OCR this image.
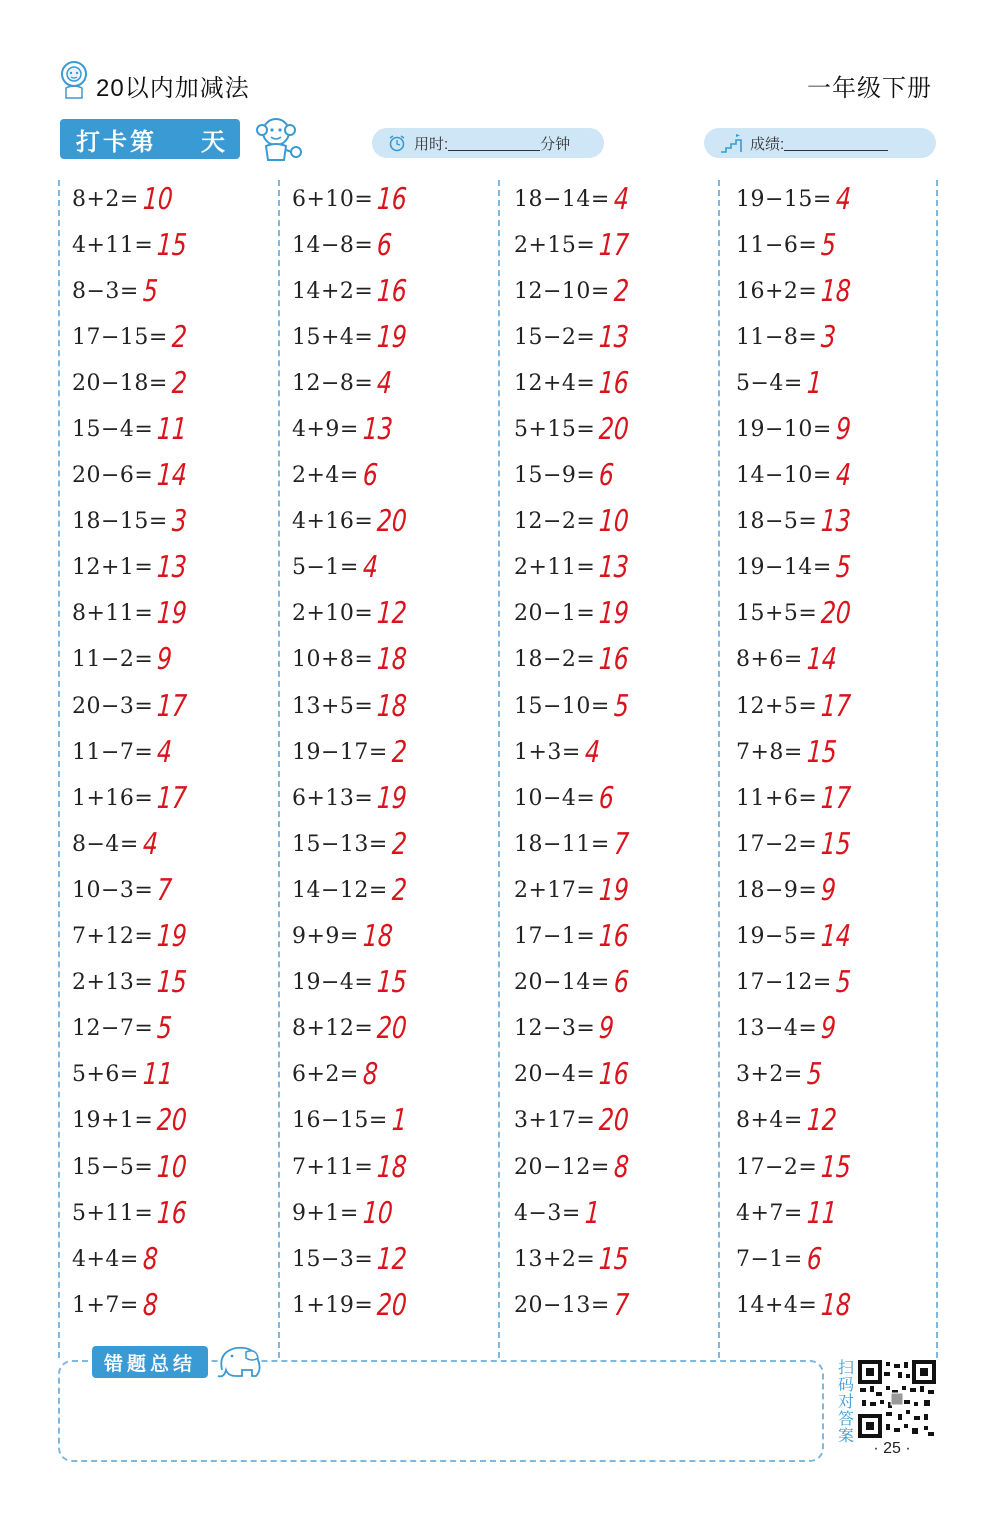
20以内加减法	一年级下册
打卡第 天	用时:	分钟	成绩:
8+2= 10
4+11= 15
8−3= 5
17−15= 2
20−18= 2
15−4= 11
20−6= 14
18−15= 3
12+1= 13
8+11= 19
11−2= 9
20−3= 17
11−7= 4
1+16= 17
8−4= 4
10−3= 7
7+12= 19
2+13= 15
12−7= 5
5+6= 11
19+1= 20
15−5= 10
5+11= 16
4+4= 8
1+7= 8
6+10= 16
14−8= 6
14+2= 16
15+4= 19
12−8= 4
4+9= 13
2+4= 6
4+16= 20
5−1= 4
2+10= 12
10+8= 18
13+5= 18
19−17= 2
6+13= 19
15−13= 2
14−12= 2
9+9= 18
19−4= 15
8+12= 20
6+2= 8
16−15= 1
7+11= 18
9+1= 10
15−3= 12
1+19= 20
18−14= 4
2+15= 17
12−10= 2
15−2= 13
12+4= 16
5+15= 20
15−9= 6
12−2= 10
2+11= 13
20−1= 19
18−2= 16
15−10= 5
1+3= 4
10−4= 6
18−11= 7
2+17= 19
17−1= 16
20−14= 6
12−3= 9
20−4= 16
3+17= 20
20−12= 8
4−3= 1
13+2= 15
20−13= 7
19−15= 4
11−6= 5
16+2= 18
11−8= 3
5−4= 1
19−10= 9
14−10= 4
18−5= 13
19−14= 5
15+5= 20
8+6= 14
12+5= 17
7+8= 15
11+6= 17
17−2= 15
18−9= 9
19−5= 14
17−12= 5
13−4= 9
3+2= 5
8+4= 12
17−2= 15
4+7= 11
7−1= 6
14+4= 18
错题总结	扫码对答案
· 25 ·
